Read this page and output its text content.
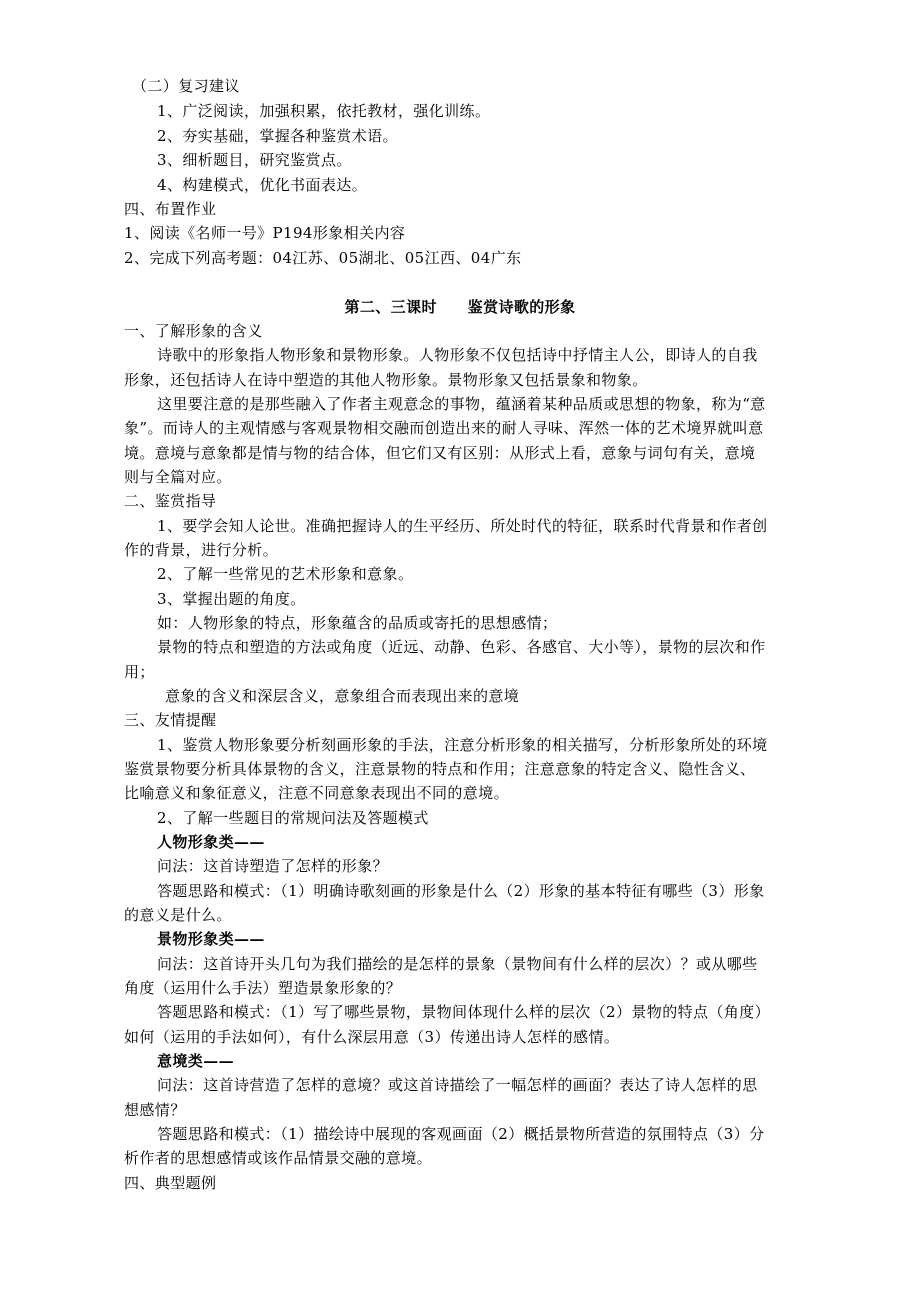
（二）复习建议
1、广泛阅读，加强积累，依托教材，强化训练。
2、夯实基础，掌握各种鉴赏术语。
3、细析题目，研究鉴赏点。
4、构建模式，优化书面表达。
四、布置作业
1、阅读《名师一号》P194形象相关内容
2、完成下列高考题：04江苏、05湖北、05江西、04广东
第二、三课时　　鉴赏诗歌的形象
一、了解形象的含义
诗歌中的形象指人物形象和景物形象。人物形象不仅包括诗中抒情主人公，即诗人的自我
形象，还包括诗人在诗中塑造的其他人物形象。景物形象又包括景象和物象。
这里要注意的是那些融入了作者主观意念的事物，蕴涵着某种品质或思想的物象，称为“意
象”。而诗人的主观情感与客观景物相交融而创造出来的耐人寻味、浑然一体的艺术境界就叫意
境。意境与意象都是情与物的结合体，但它们又有区别：从形式上看，意象与词句有关，意境
则与全篇对应。
二、鉴赏指导
1、要学会知人论世。准确把握诗人的生平经历、所处时代的特征，联系时代背景和作者创
作的背景，进行分析。
2、了解一些常见的艺术形象和意象。
3、掌握出题的角度。
如：人物形象的特点，形象蕴含的品质或寄托的思想感情；
景物的特点和塑造的方法或角度（近远、动静、色彩、各感官、大小等），景物的层次和作
用；
意象的含义和深层含义，意象组合而表现出来的意境
三、友情提醒
1、鉴赏人物形象要分析刻画形象的手法，注意分析形象的相关描写，分析形象所处的环境
鉴赏景物要分析具体景物的含义，注意景物的特点和作用；注意意象的特定含义、隐性含义、
比喻意义和象征意义，注意不同意象表现出不同的意境。
2、了解一些题目的常规问法及答题模式
人物形象类——
问法：这首诗塑造了怎样的形象？
答题思路和模式：（1）明确诗歌刻画的形象是什么（2）形象的基本特征有哪些（3）形象
的意义是什么。
景物形象类——
问法：这首诗开头几句为我们描绘的是怎样的景象（景物间有什么样的层次）？或从哪些
角度（运用什么手法）塑造景象形象的？
答题思路和模式：（1）写了哪些景物，景物间体现什么样的层次（2）景物的特点（角度）
如何（运用的手法如何），有什么深层用意（3）传递出诗人怎样的感情。
意境类——
问法：这首诗营造了怎样的意境？或这首诗描绘了一幅怎样的画面？表达了诗人怎样的思
想感情？
答题思路和模式：（1）描绘诗中展现的客观画面（2）概括景物所营造的氛围特点（3）分
析作者的思想感情或该作品情景交融的意境。
四、典型题例
